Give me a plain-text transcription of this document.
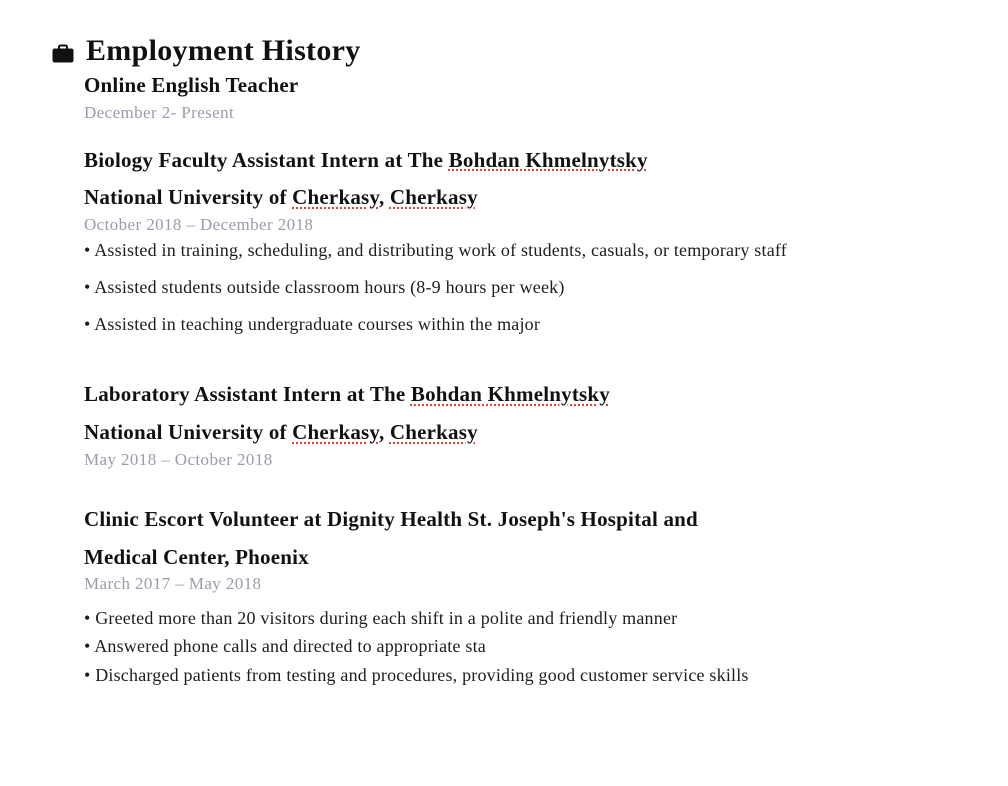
Employment History
Online English Teacher
December 2- Present
Biology Faculty Assistant Intern at The Bohdan Khmelnytsky
National University of Cherkasy, Cherkasy
October 2018 – December 2018
• Assisted in training, scheduling, and distributing work of students, casuals, or temporary staff
• Assisted students outside classroom hours (8-9 hours per week)
• Assisted in teaching undergraduate courses within the major
Laboratory Assistant Intern at The Bohdan Khmelnytsky
National University of Cherkasy, Cherkasy
May 2018 – October 2018
Clinic Escort Volunteer at Dignity Health St. Joseph's Hospital and
Medical Center, Phoenix
March 2017 – May 2018
• Greeted more than 20 visitors during each shift in a polite and friendly manner
• Answered phone calls and directed to appropriate sta
• Discharged patients from testing and procedures, providing good customer service skills
